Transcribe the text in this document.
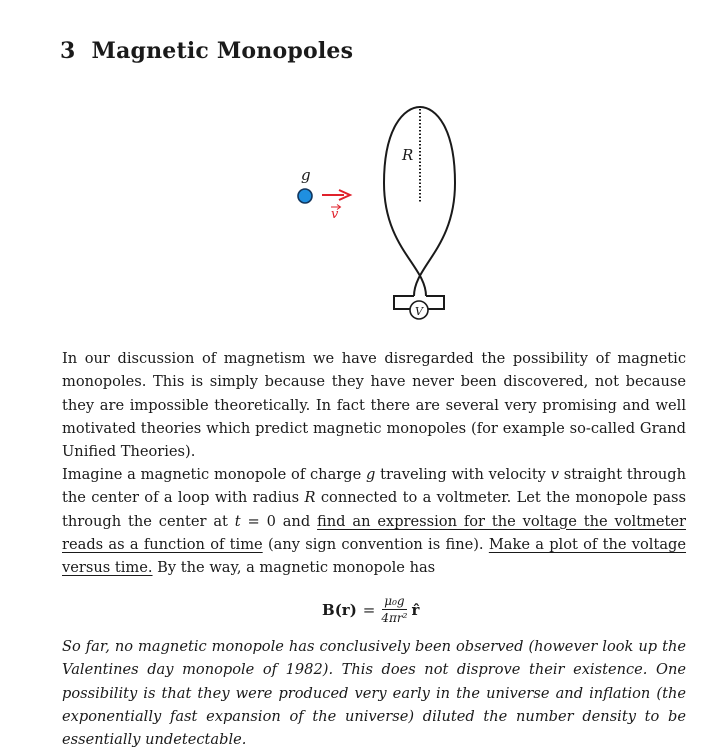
3 Magnetic Monopoles
R
V
g
v

In our discussion of magnetism we have disregarded the possibility of magnetic monopoles. This is simply because they have never been discovered, not because they are impossible theoretically. In fact there are several very promising and well motivated theories which predict magnetic monopoles (for example so-called Grand Unified Theories).

Imagine a magnetic monopole of charge g traveling with velocity v straight through the center of a loop with radius R connected to a voltmeter. Let the monopole pass through the center at t = 0 and find an expression for the voltage the voltmeter reads as a function of time (any sign convention is fine). Make a plot of the voltage versus time. By the way, a magnetic monopole has

$B(r) = \frac{\text{μ₀g}}{\text{4πr²}}$ r̂

So far, no magnetic monopole has conclusively been observed (however look up the Valentines day monopole of 1982). This does not disprove their existence. One possibility is that they were produced very early in the universe and inflation (the exponentially fast expansion of the universe) diluted the number density to be essentially undetectable.
